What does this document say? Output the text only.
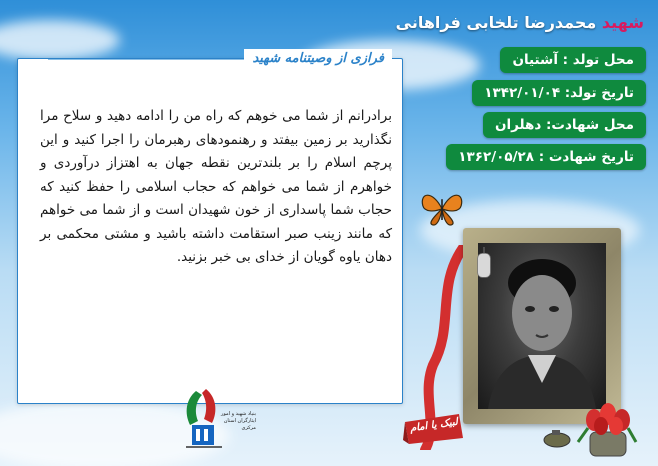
فرازی از وصیتنامه شهید
برادرانم از شما می خوهم که راه من را ادامه دهید و سلاح مرا نگذارید بر زمین بیفتد و رهنمودهای رهبرمان را اجرا کنید و این پرچم اسلام را بر بلندترین نقطه جهان به اهتزاز درآوردی و خواهرم از شما می خواهم که حجاب اسلامی را حفظ کنید که حجاب شما پاسداری از خون شهیدان است و از شما می خواهم که مانند زینب صبر استقامت داشته باشید و مشتی محکمی بر دهان یاوه گویان از خدای بی خبر بزنید.
بنیاد شهید و امور ایثارگران استان مرکزی
شهید محمدرضا تلخابی فراهانی
محل تولد : آشتیان
تاریخ تولد: ۱۳۴۲/۰۱/۰۴
محل شهادت: دهلران
تاریخ شهادت : ۱۳۶۲/۰۵/۲۸
لبیک یا امام
